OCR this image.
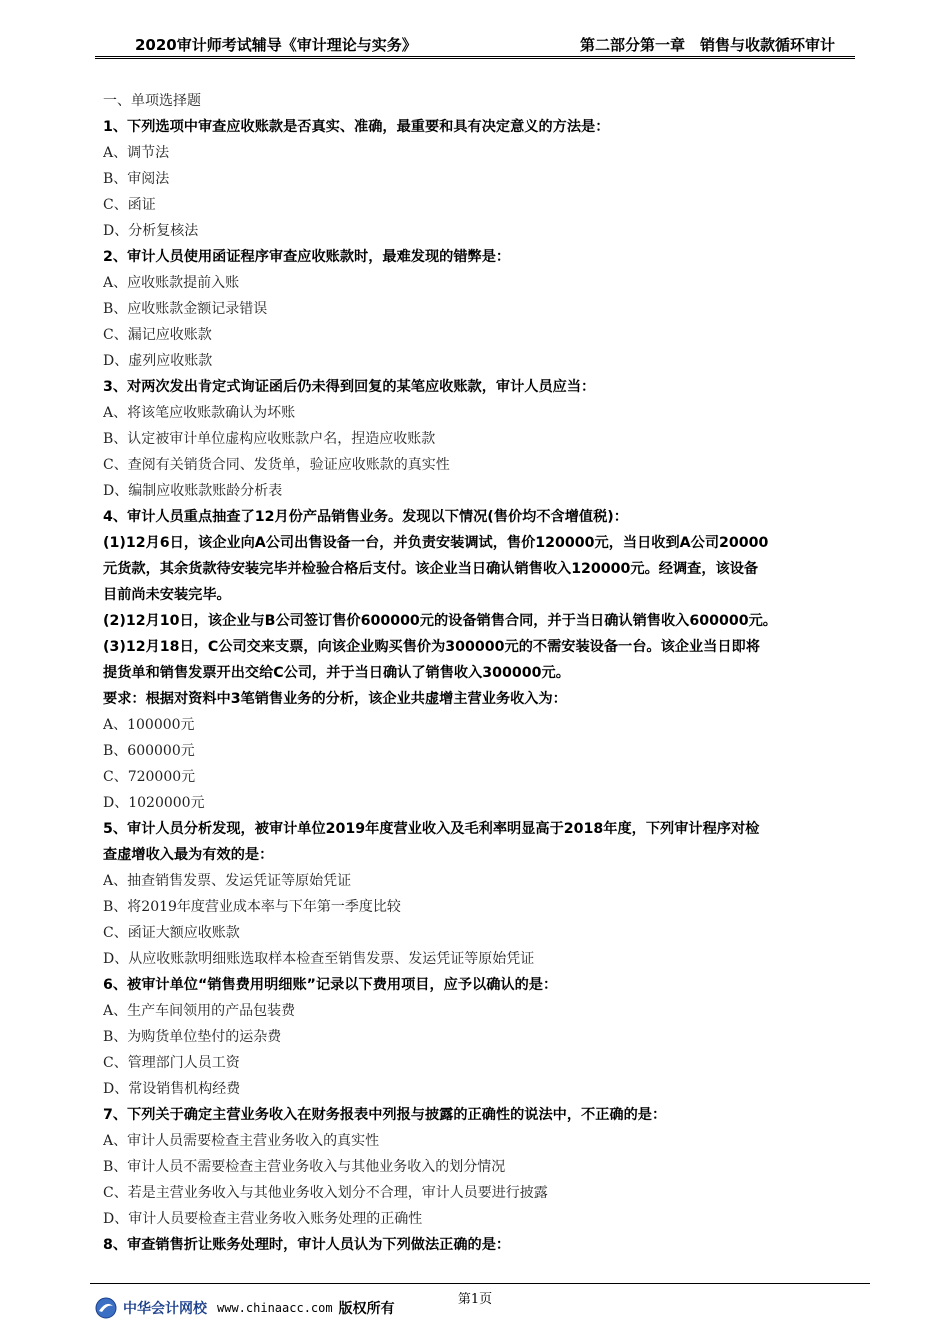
2020审计师考试辅导《审计理论与实务》	第二部分第一章　销售与收款循环审计
一、单项选择题
1、下列选项中审查应收账款是否真实、准确，最重要和具有决定意义的方法是：
A、调节法
B、审阅法
C、函证
D、分析复核法
2、审计人员使用函证程序审查应收账款时，最难发现的错弊是：
A、应收账款提前入账
B、应收账款金额记录错误
C、漏记应收账款
D、虚列应收账款
3、对两次发出肯定式询证函后仍未得到回复的某笔应收账款，审计人员应当：
A、将该笔应收账款确认为坏账
B、认定被审计单位虚构应收账款户名，捏造应收账款
C、查阅有关销货合同、发货单，验证应收账款的真实性
D、编制应收账款账龄分析表
4、审计人员重点抽查了12月份产品销售业务。发现以下情况(售价均不含增值税)：
(1)12月6日，该企业向A公司出售设备一台，并负责安装调试，售价120000元，当日收到A公司20000
元货款，其余货款待安装完毕并检验合格后支付。该企业当日确认销售收入120000元。经调查，该设备
目前尚未安装完毕。
(2)12月10日，该企业与B公司签订售价600000元的设备销售合同，并于当日确认销售收入600000元。
(3)12月18日，C公司交来支票，向该企业购买售价为300000元的不需安装设备一台。该企业当日即将
提货单和销售发票开出交给C公司，并于当日确认了销售收入300000元。
要求：根据对资料中3笔销售业务的分析，该企业共虚增主营业务收入为：
A、100000元
B、600000元
C、720000元
D、1020000元
5、审计人员分析发现，被审计单位2019年度营业收入及毛利率明显高于2018年度，下列审计程序对检
查虚增收入最为有效的是：
A、抽查销售发票、发运凭证等原始凭证
B、将2019年度营业成本率与下年第一季度比较
C、函证大额应收账款
D、从应收账款明细账选取样本检查至销售发票、发运凭证等原始凭证
6、被审计单位“销售费用明细账”记录以下费用项目，应予以确认的是：
A、生产车间领用的产品包装费
B、为购货单位垫付的运杂费
C、管理部门人员工资
D、常设销售机构经费
7、下列关于确定主营业务收入在财务报表中列报与披露的正确性的说法中，不正确的是：
A、审计人员需要检查主营业务收入的真实性
B、审计人员不需要检查主营业务收入与其他业务收入的划分情况
C、若是主营业务收入与其他业务收入划分不合理，审计人员要进行披露
D、审计人员要检查主营业务收入账务处理的正确性
8、审查销售折让账务处理时，审计人员认为下列做法正确的是：
第1页
中华会计网校 www.chinaacc.com 版权所有
